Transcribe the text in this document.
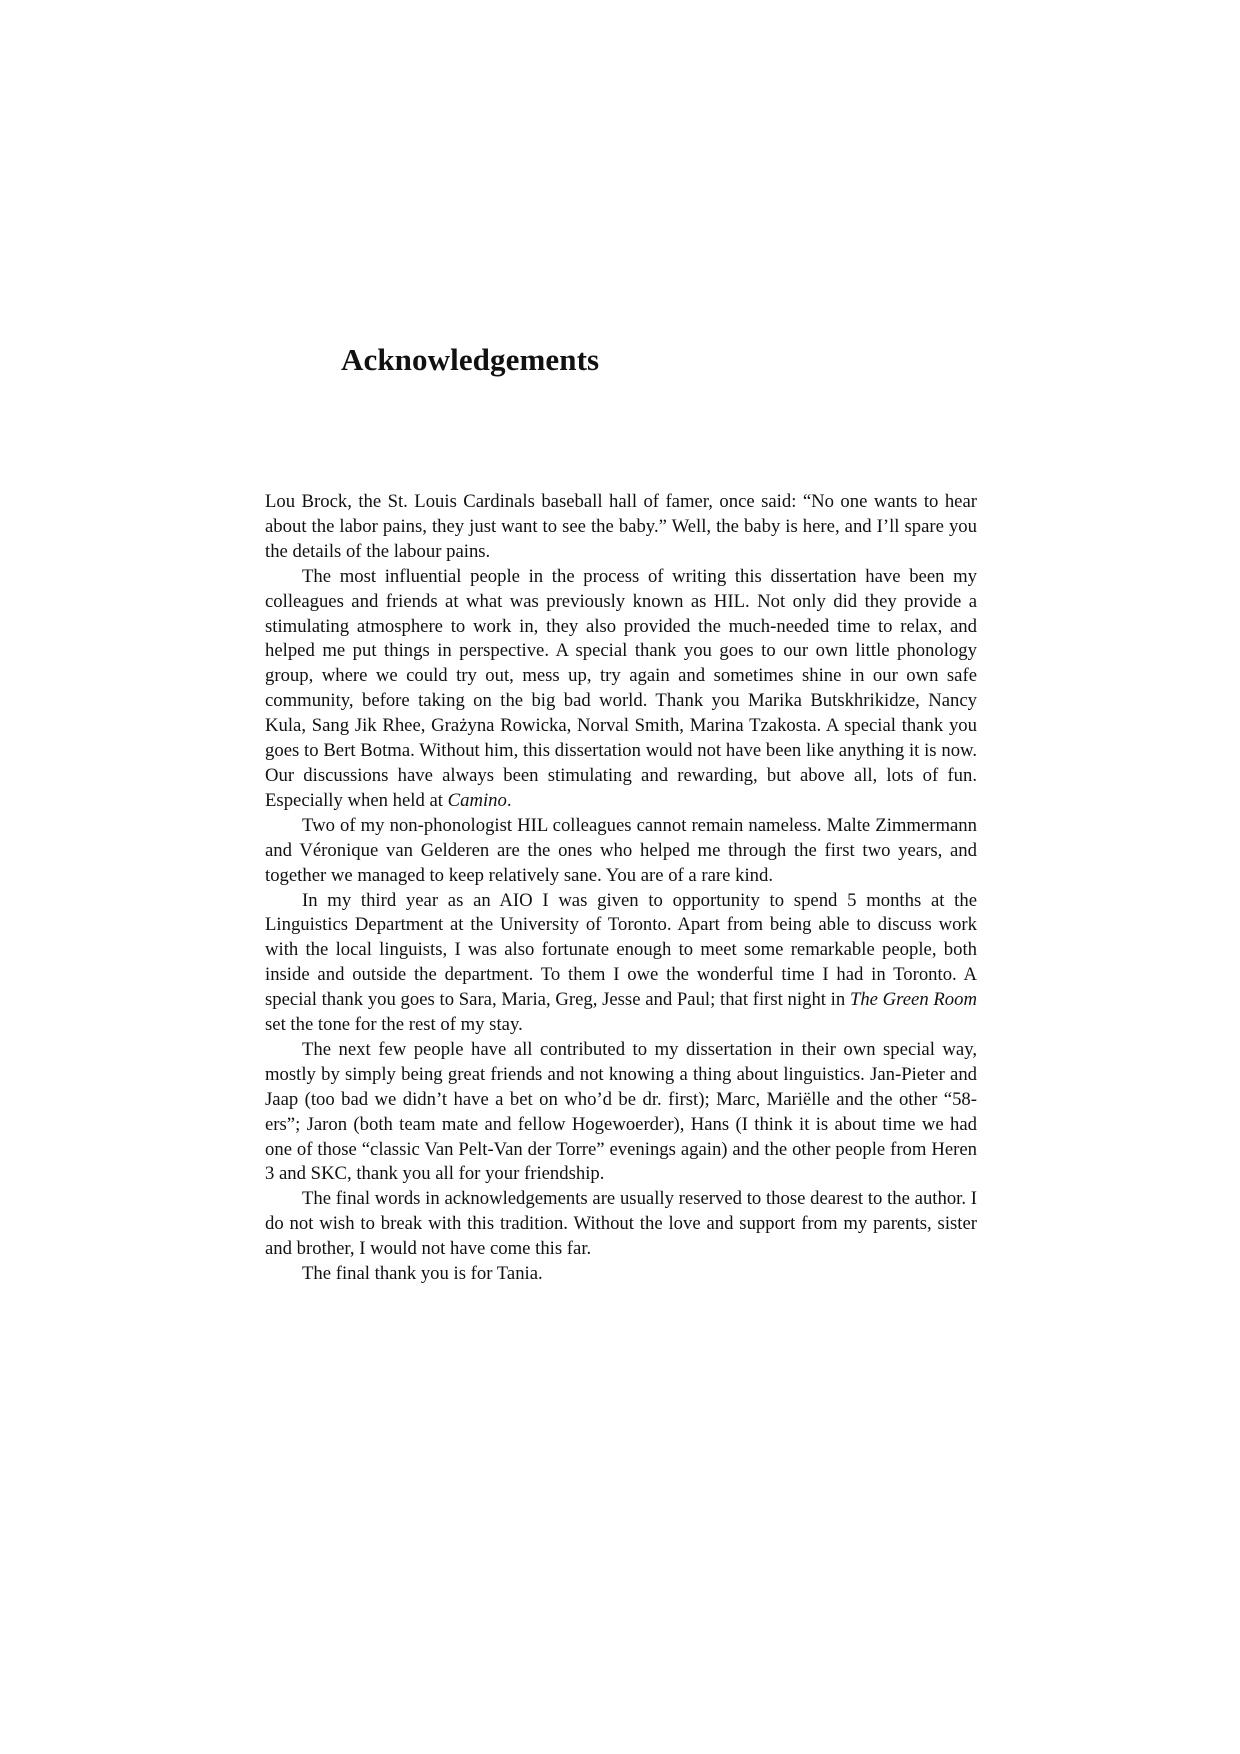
Acknowledgements

Lou Brock, the St. Louis Cardinals baseball hall of famer, once said: “No one wants to hear about the labor pains, they just want to see the baby.” Well, the baby is here, and I’ll spare you the details of the labour pains.

The most influential people in the process of writing this dissertation have been my colleagues and friends at what was previously known as HIL. Not only did they provide a stimulating atmosphere to work in, they also provided the much-needed time to relax, and helped me put things in perspective. A special thank you goes to our own little phonology group, where we could try out, mess up, try again and sometimes shine in our own safe community, before taking on the big bad world. Thank you Marika Butskhrikidze, Nancy Kula, Sang Jik Rhee, Grażyna Rowicka, Norval Smith, Marina Tzakosta. A special thank you goes to Bert Botma. Without him, this dissertation would not have been like anything it is now. Our discussions have always been stimulating and rewarding, but above all, lots of fun. Especially when held at Camino.

Two of my non-phonologist HIL colleagues cannot remain nameless. Malte Zimmermann and Véronique van Gelderen are the ones who helped me through the first two years, and together we managed to keep relatively sane. You are of a rare kind.

In my third year as an AIO I was given to opportunity to spend 5 months at the Linguistics Department at the University of Toronto. Apart from being able to discuss work with the local linguists, I was also fortunate enough to meet some remarkable people, both inside and outside the department. To them I owe the wonderful time I had in Toronto. A special thank you goes to Sara, Maria, Greg, Jesse and Paul; that first night in The Green Room set the tone for the rest of my stay.

The next few people have all contributed to my dissertation in their own special way, mostly by simply being great friends and not knowing a thing about linguistics. Jan-Pieter and Jaap (too bad we didn’t have a bet on who’d be dr. first); Marc, Mariëlle and the other “58-ers”; Jaron (both team mate and fellow Hogewoerder), Hans (I think it is about time we had one of those “classic Van Pelt-Van der Torre” evenings again) and the other people from Heren 3 and SKC, thank you all for your friendship.

The final words in acknowledgements are usually reserved to those dearest to the author. I do not wish to break with this tradition. Without the love and support from my parents, sister and brother, I would not have come this far.

The final thank you is for Tania.
